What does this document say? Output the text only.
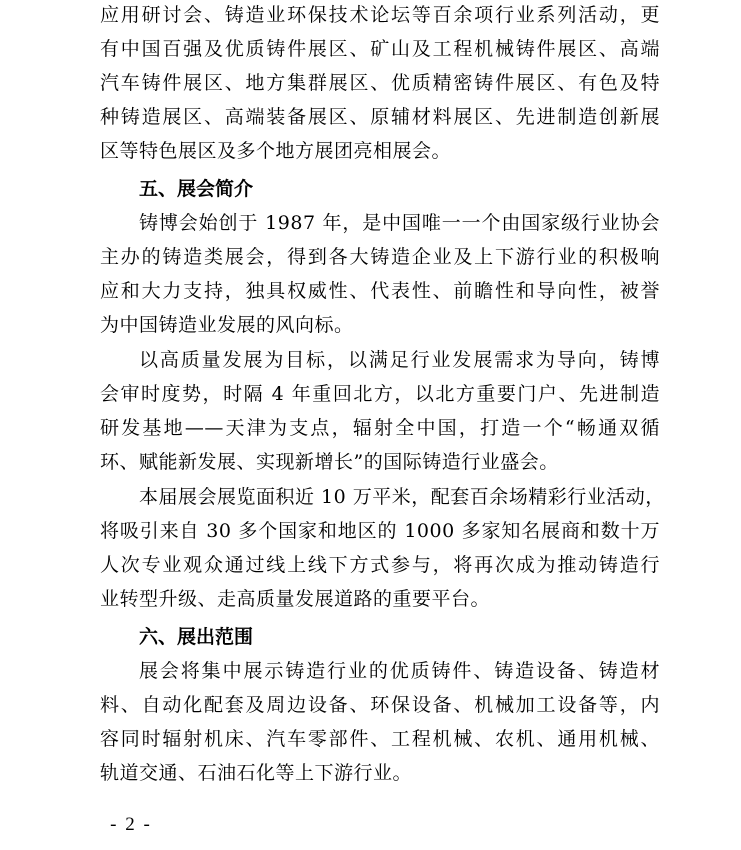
应用研讨会、铸造业环保技术论坛等百余项行业系列活动，更
有中国百强及优质铸件展区、矿山及工程机械铸件展区、高端
汽车铸件展区、地方集群展区、优质精密铸件展区、有色及特
种铸造展区、高端装备展区、原辅材料展区、先进制造创新展
区等特色展区及多个地方展团亮相展会。
五、展会简介
铸博会始创于 1987 年，是中国唯一一个由国家级行业协会
主办的铸造类展会，得到各大铸造企业及上下游行业的积极响
应和大力支持，独具权威性、代表性、前瞻性和导向性，被誉
为中国铸造业发展的风向标。
以高质量发展为目标，以满足行业发展需求为导向，铸博
会审时度势，时隔 4 年重回北方，以北方重要门户、先进制造
研发基地——天津为支点，辐射全中国，打造一个“畅通双循
环、赋能新发展、实现新增长”的国际铸造行业盛会。
本届展会展览面积近 10 万平米，配套百余场精彩行业活动，
将吸引来自 30 多个国家和地区的 1000 多家知名展商和数十万
人次专业观众通过线上线下方式参与，将再次成为推动铸造行
业转型升级、走高质量发展道路的重要平台。
六、展出范围
展会将集中展示铸造行业的优质铸件、铸造设备、铸造材
料、自动化配套及周边设备、环保设备、机械加工设备等，内
容同时辐射机床、汽车零部件、工程机械、农机、通用机械、
轨道交通、石油石化等上下游行业。
- 2 -
